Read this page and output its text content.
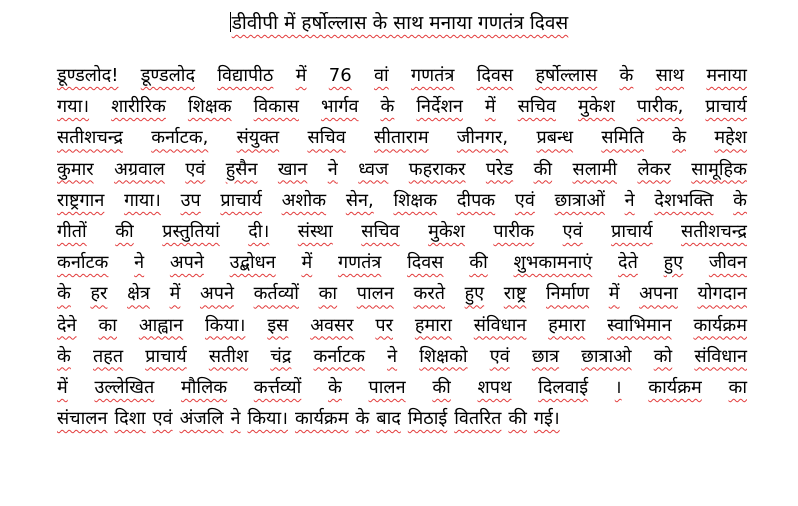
डीवीपी में हर्षोल्लास के साथ मनाया गणतंत्र दिवस
डूण्डलोद! डूण्डलोद विद्यापीठ में 76 वां गणतंत्र दिवस हर्षोल्लास के साथ मनाया
गया। शारीरिक शिक्षक विकास भार्गव के निर्देशन में सचिव मुकेश पारीक, प्राचार्य
सतीशचन्द्र कर्नाटक, संयुक्त सचिव सीताराम जीनगर, प्रबन्ध समिति के महेश
कुमार अग्रवाल एवं हुसैन खान ने ध्वज फहराकर परेड की सलामी लेकर सामूहिक
राष्ट्रगान गाया। उप प्राचार्य अशोक सेन, शिक्षक दीपक एवं छात्राओं ने देशभक्ति के
गीतों की प्रस्तुतियां दी। संस्था सचिव मुकेश पारीक एवं प्राचार्य सतीशचन्द्र
कर्नाटक ने अपने उद्बोधन में गणतंत्र दिवस की शुभकामनाएं देते हुए जीवन
के हर क्षेत्र में अपने कर्तव्यों का पालन करते हुए राष्ट्र निर्माण में अपना योगदान
देने का आह्वान किया। इस अवसर पर हमारा संविधान हमारा स्वाभिमान कार्यक्रम
के तहत प्राचार्य सतीश चंद्र कर्नाटक ने शिक्षको एवं छात्र छात्राओ को संविधान
में उल्लेखित मौलिक कर्त्तव्यों के पालन की शपथ दिलवाई । कार्यक्रम का
संचालन दिशा एवं अंजलि ने किया। कार्यक्रम के बाद मिठाई वितरित की गई।
